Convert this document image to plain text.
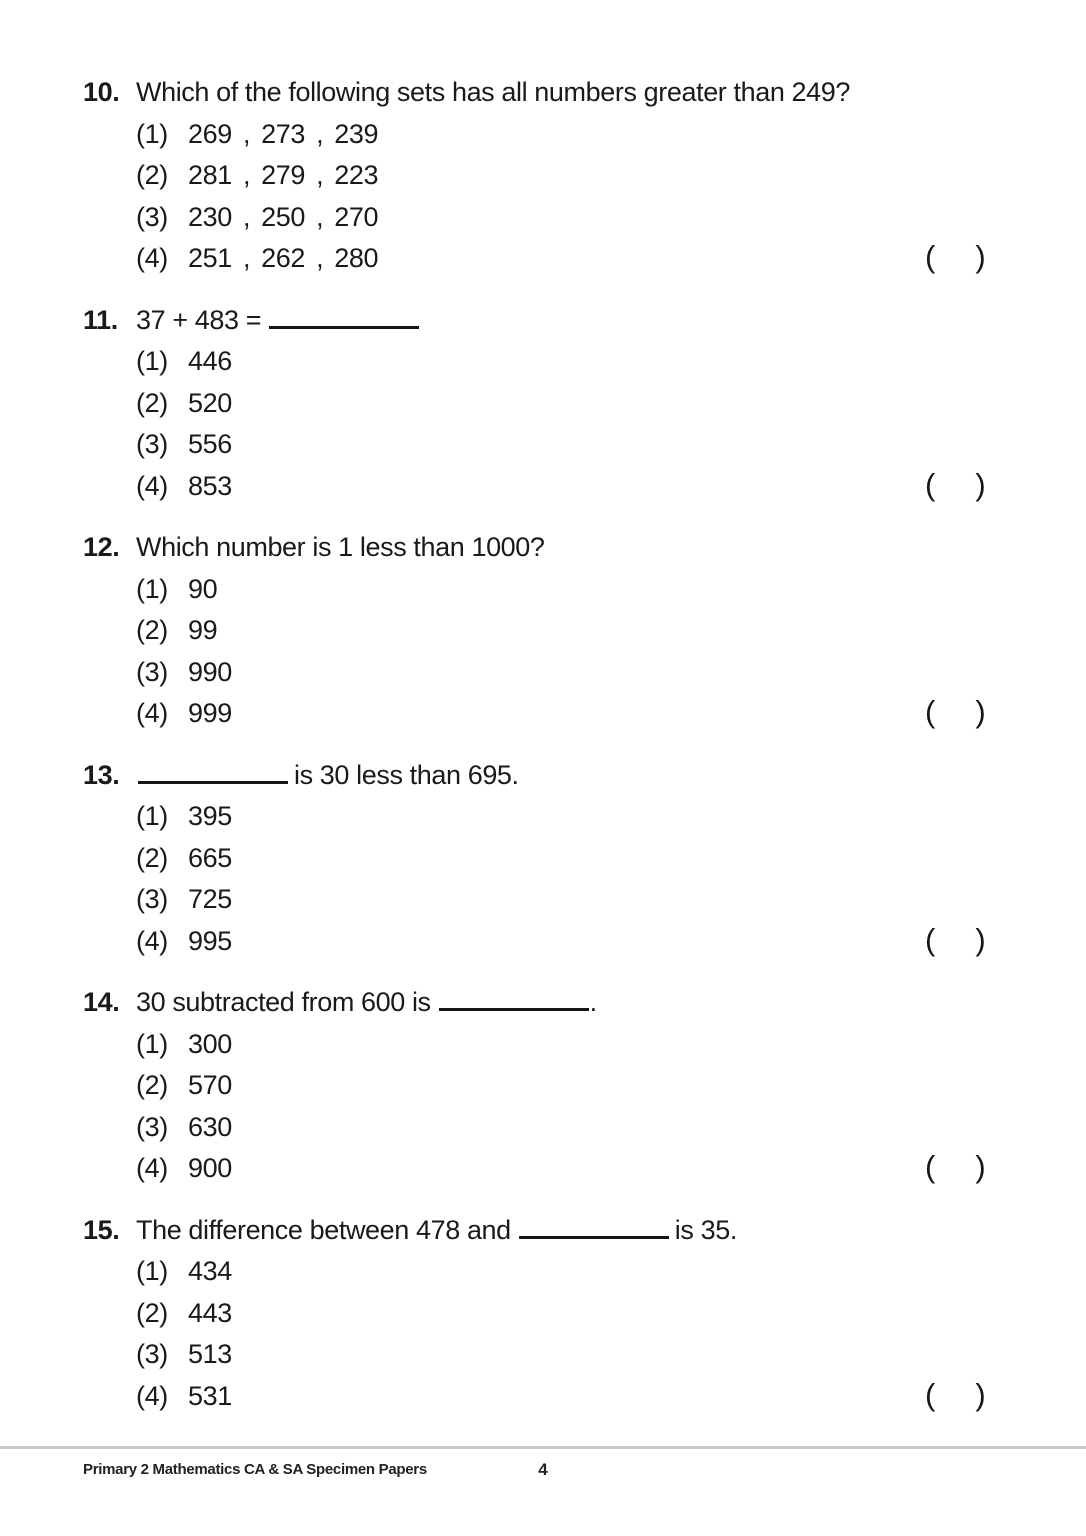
10. Which of the following sets has all numbers greater than 249?
(1) 269 , 273 , 239
(2) 281 , 279 , 223
(3) 230 , 250 , 270
(4) 251 , 262 , 280	( )
11. 37 + 483 =
(1) 446
(2) 520
(3) 556
(4) 853	( )
12. Which number is 1 less than 1000?
(1) 90
(2) 99
(3) 990
(4) 999	( )
13.	is 30 less than 695.
(1) 395
(2) 665
(3) 725
(4) 995	( )
14. 30 subtracted from 600 is	.
(1) 300
(2) 570
(3) 630
(4) 900	( )
15. The difference between 478 and	is 35.
(1) 434
(2) 443
(3) 513
(4) 531	( )
Primary 2 Mathematics CA & SA Specimen Papers	4
